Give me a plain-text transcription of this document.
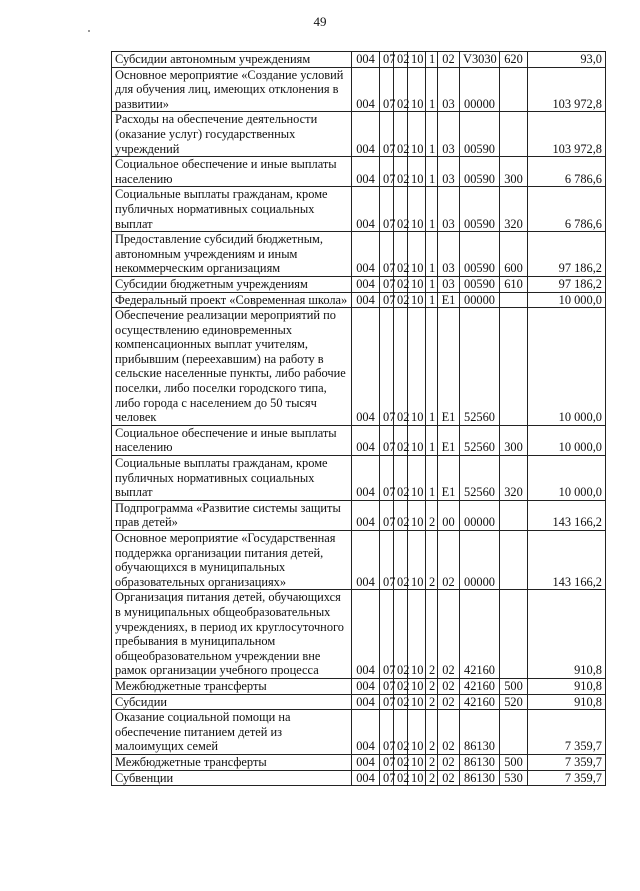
49
Субсидии автономным учреждениям	004	07	02	10	1	02	V3030	620	93,0
Основное мероприятие «Создание условий для обучения лиц, имеющих отклонения в развитии»	004	07	02	10	1	03	00000		103 972,8
Расходы на обеспечение деятельности (оказание услуг) государственных учреждений	004	07	02	10	1	03	00590		103 972,8
Социальное обеспечение и иные выплаты населению	004	07	02	10	1	03	00590	300	6 786,6
Социальные выплаты гражданам, кроме публичных нормативных социальных выплат	004	07	02	10	1	03	00590	320	6 786,6
Предоставление субсидий бюджетным, автономным учреждениям и иным некоммерческим организациям	004	07	02	10	1	03	00590	600	97 186,2
Субсидии бюджетным учреждениям	004	07	02	10	1	03	00590	610	97 186,2
Федеральный проект «Современная школа»	004	07	02	10	1	E1	00000		10 000,0
Обеспечение реализации мероприятий по осуществлению единовременных компенсационных выплат учителям, прибывшим (переехавшим) на работу в сельские населенные пункты, либо рабочие поселки, либо поселки городского типа, либо города с населением до 50 тысяч человек	004	07	02	10	1	E1	52560		10 000,0
Социальное обеспечение и иные выплаты населению	004	07	02	10	1	E1	52560	300	10 000,0
Социальные выплаты гражданам, кроме публичных нормативных социальных выплат	004	07	02	10	1	E1	52560	320	10 000,0
Подпрограмма «Развитие системы защиты прав детей»	004	07	02	10	2	00	00000		143 166,2
Основное мероприятие «Государственная поддержка организации питания детей, обучающихся в муниципальных образовательных организациях»	004	07	02	10	2	02	00000		143 166,2
Организация питания детей, обучающихся в муниципальных общеобразовательных учреждениях, в период их круглосуточного пребывания в муниципальном общеобразовательном учреждении вне рамок организации учебного процесса	004	07	02	10	2	02	42160		910,8
Межбюджетные трансферты	004	07	02	10	2	02	42160	500	910,8
Субсидии	004	07	02	10	2	02	42160	520	910,8
Оказание социальной помощи на обеспечение питанием детей из малоимущих семей	004	07	02	10	2	02	86130		7 359,7
Межбюджетные трансферты	004	07	02	10	2	02	86130	500	7 359,7
Субвенции	004	07	02	10	2	02	86130	530	7 359,7
